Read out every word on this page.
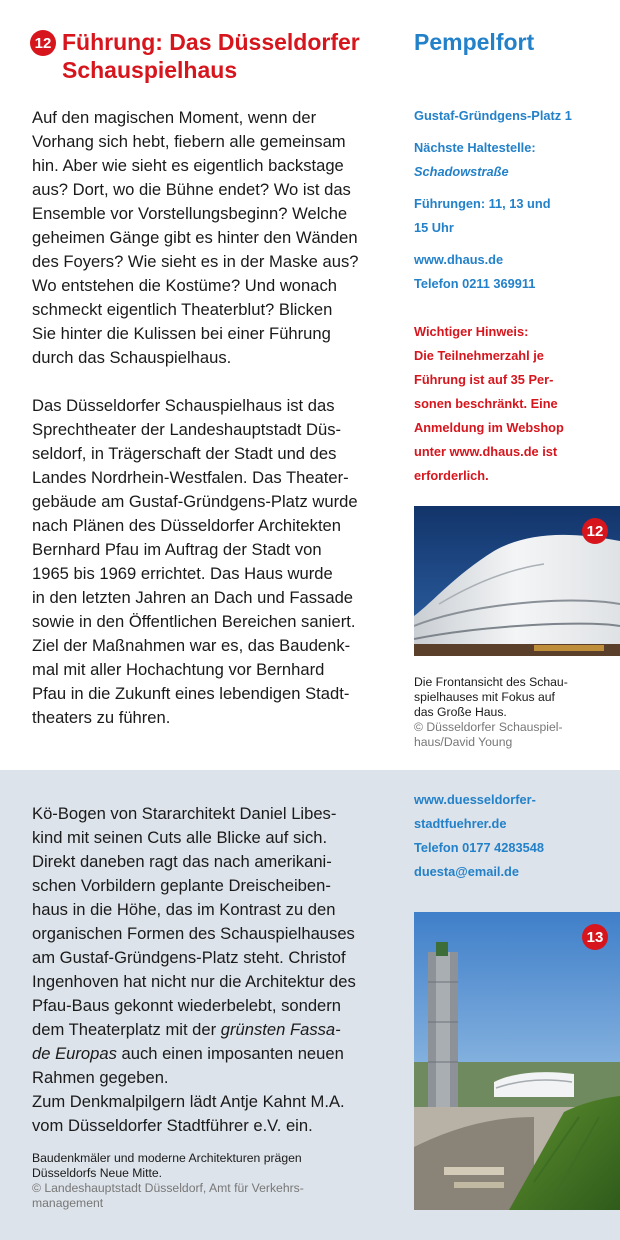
12 Führung: Das Düsseldorfer
Schauspielhaus
Pempelfort
Auf den magischen Moment, wenn der
Vorhang sich hebt, fiebern alle gemeinsam
hin. Aber wie sieht es eigentlich backstage
aus? Dort, wo die Bühne endet? Wo ist das
Ensemble vor Vorstellungsbeginn? Welche
geheimen Gänge gibt es hinter den Wänden
des Foyers? Wie sieht es in der Maske aus?
Wo entstehen die Kostüme? Und wonach
schmeckt eigentlich Theaterblut? Blicken
Sie hinter die Kulissen bei einer Führung
durch das Schauspielhaus.
Das Düsseldorfer Schauspielhaus ist das
Sprechtheater der Landeshauptstadt Düs-
seldorf, in Trägerschaft der Stadt und des
Landes Nordrhein-Westfalen. Das Theater-
gebäude am Gustaf-Gründgens-Platz wurde
nach Plänen des Düsseldorfer Architekten
Bernhard Pfau im Auftrag der Stadt von
1965 bis 1969 errichtet. Das Haus wurde
in den letzten Jahren an Dach und Fassade
sowie in den Öffentlichen Bereichen saniert.
Ziel der Maßnahmen war es, das Baudenk-
mal mit aller Hochachtung vor Bernhard
Pfau in die Zukunft eines lebendigen Stadt-
theaters zu führen.
Gustaf-Gründgens-Platz 1
Nächste Haltestelle:
Schadowstraße
Führungen: 11, 13 und
15 Uhr
www.dhaus.de
Telefon 0211 369911
Wichtiger Hinweis:
Die Teilnehmerzahl je
Führung ist auf 35 Per-
sonen beschränkt. Eine
Anmeldung im Webshop
unter www.dhaus.de ist
erforderlich.
12
Die Frontansicht des Schau-
spielhauses mit Fokus auf
das Große Haus.
© Düsseldorfer Schauspiel-
haus/David Young
Kö-Bogen von Stararchitekt Daniel Libes-
kind mit seinen Cuts alle Blicke auf sich.
Direkt daneben ragt das nach amerikani-
schen Vorbildern geplante Dreischeiben-
haus in die Höhe, das im Kontrast zu den
organischen Formen des Schauspielhauses
am Gustaf-Gründgens-Platz steht. Christof
Ingenhoven hat nicht nur die Architektur des
Pfau-Baus gekonnt wiederbelebt, sondern
dem Theaterplatz mit der grünsten Fassa-
de Europas auch einen imposanten neuen
Rahmen gegeben.
Zum Denkmalpilgern lädt Antje Kahnt M.A.
vom Düsseldorfer Stadtführer e.V. ein.
www.duesseldorfer-
stadtfuehrer.de
Telefon 0177 4283548
duesta@email.de
13
Baudenkmäler und moderne Architekturen prägen
Düsseldorfs Neue Mitte.
© Landeshauptstadt Düsseldorf, Amt für Verkehrs-
management
